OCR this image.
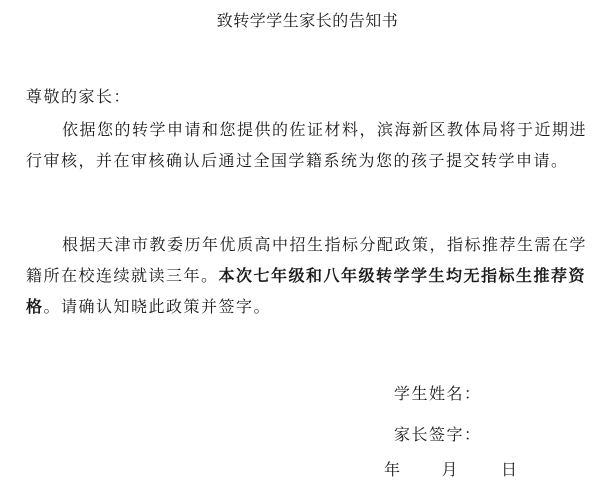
致转学学生家长的告知书
尊敬的家长：

依据您的转学申请和您提供的佐证材料，滨海新区教体局将于近期进行审核，并在审核确认后通过全国学籍系统为您的孩子提交转学申请。

根据天津市教委历年优质高中招生指标分配政策，指标推荐生需在学籍所在校连续就读三年。本次七年级和八年级转学学生均无指标生推荐资格。请确认知晓此政策并签字。

学生姓名：
家长签字：
年	月	日
